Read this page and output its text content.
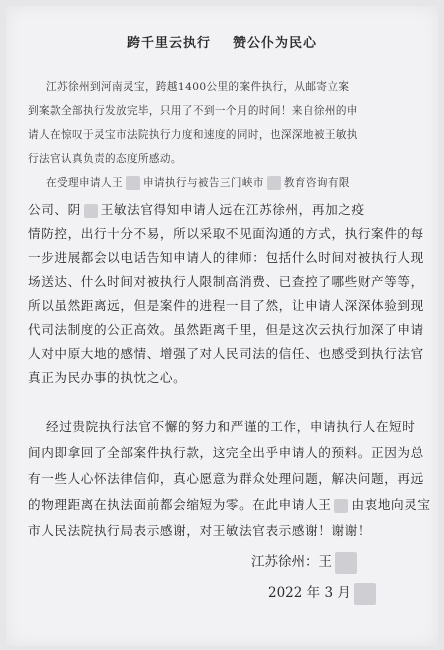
跨千里云执行 赞公仆为民心
江苏徐州到河南灵宝，跨越1400公里的案件执行，从邮寄立案
到案款全部执行发放完毕，只用了不到一个月的时间！来自徐州的申
请人在惊叹于灵宝市法院执行力度和速度的同时，也深深地被王敏执
行法官认真负责的态度所感动。
在受理申请人王 申请执行与被告三门峡市 教育咨询有限
公司、阴 王敏法官得知申请人远在江苏徐州，再加之疫
情防控，出行十分不易，所以采取不见面沟通的方式，执行案件的每
一步进展都会以电话告知申请人的律师：包括什么时间对被执行人现
场送达、什么时间对被执行人限制高消费、已查控了哪些财产等等，
所以虽然距离远，但是案件的进程一目了然，让申请人深深体验到现
代司法制度的公正高效。虽然距离千里，但是这次云执行加深了申请
人对中原大地的感情、增强了对人民司法的信任、也感受到执行法官
真正为民办事的执忱之心。
经过贵院执行法官不懈的努力和严谨的工作，申请执行人在短时
间内即拿回了全部案件执行款，这完全出乎申请人的预料。正因为总
有一些人心怀法律信仰，真心愿意为群众处理问题，解决问题，再远
的物理距离在执法面前都会缩短为零。在此申请人王 由衷地向灵宝
市人民法院执行局表示感谢，对王敏法官表示感谢！谢谢！
江苏徐州：王
2022 年 3 月
